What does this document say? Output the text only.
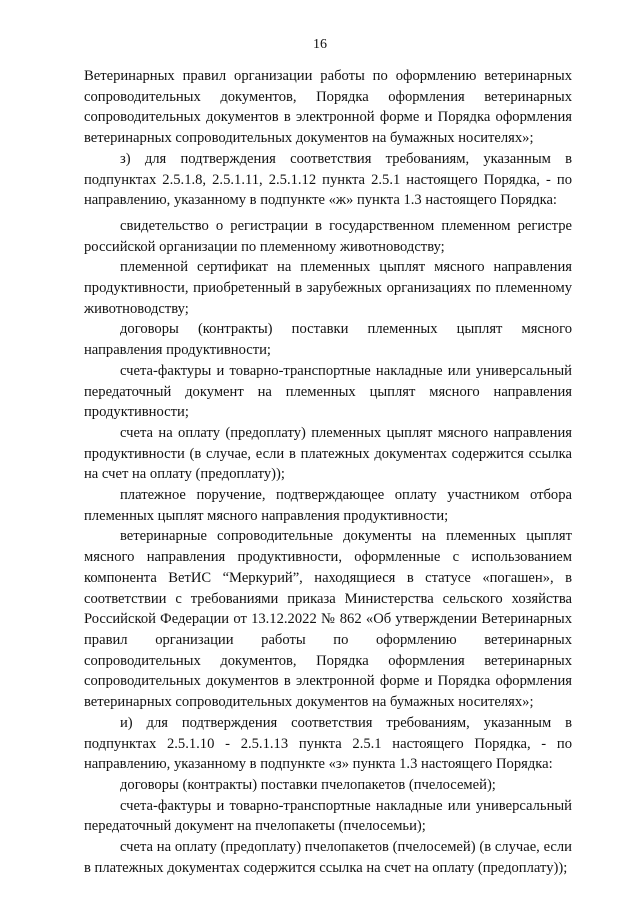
16

Ветеринарных правил организации работы по оформлению ветеринарных сопроводительных документов, Порядка оформления ветеринарных сопроводительных документов в электронной форме и Порядка оформления ветеринарных сопроводительных документов на бумажных носителях»;

з) для подтверждения соответствия требованиям, указанным в подпунктах 2.5.1.8, 2.5.1.11, 2.5.1.12 пункта 2.5.1 настоящего Порядка, - по направлению, указанному в подпункте «ж» пункта 1.3 настоящего Порядка:

свидетельство о регистрации в государственном племенном регистре российской организации по племенному животноводству;

племенной сертификат на племенных цыплят мясного направления продуктивности, приобретенный в зарубежных организациях по племенному животноводству;

договоры (контракты) поставки племенных цыплят мясного направления продуктивности;

счета-фактуры и товарно-транспортные накладные или универсальный передаточный документ на племенных цыплят мясного направления продуктивности;

счета на оплату (предоплату) племенных цыплят мясного направления продуктивности (в случае, если в платежных документах содержится ссылка на счет на оплату (предоплату));

платежное поручение, подтверждающее оплату участником отбора племенных цыплят мясного направления продуктивности;

ветеринарные сопроводительные документы на племенных цыплят мясного направления продуктивности, оформленные с использованием компонента ВетИС “Меркурий”, находящиеся в статусе «погашен», в соответствии с требованиями приказа Министерства сельского хозяйства Российской Федерации от 13.12.2022 № 862 «Об утверждении Ветеринарных правил организации работы по оформлению ветеринарных сопроводительных документов, Порядка оформления ветеринарных сопроводительных документов в электронной форме и Порядка оформления ветеринарных сопроводительных документов на бумажных носителях»;

и) для подтверждения соответствия требованиям, указанным в подпунктах 2.5.1.10 - 2.5.1.13 пункта 2.5.1 настоящего Порядка, - по направлению, указанному в подпункте «з» пункта 1.3 настоящего Порядка:

договоры (контракты) поставки пчелопакетов (пчелосемей);

счета-фактуры и товарно-транспортные накладные или универсальный передаточный документ на пчелопакеты (пчелосемьи);

счета на оплату (предоплату) пчелопакетов (пчелосемей) (в случае, если в платежных документах содержится ссылка на счет на оплату (предоплату));
